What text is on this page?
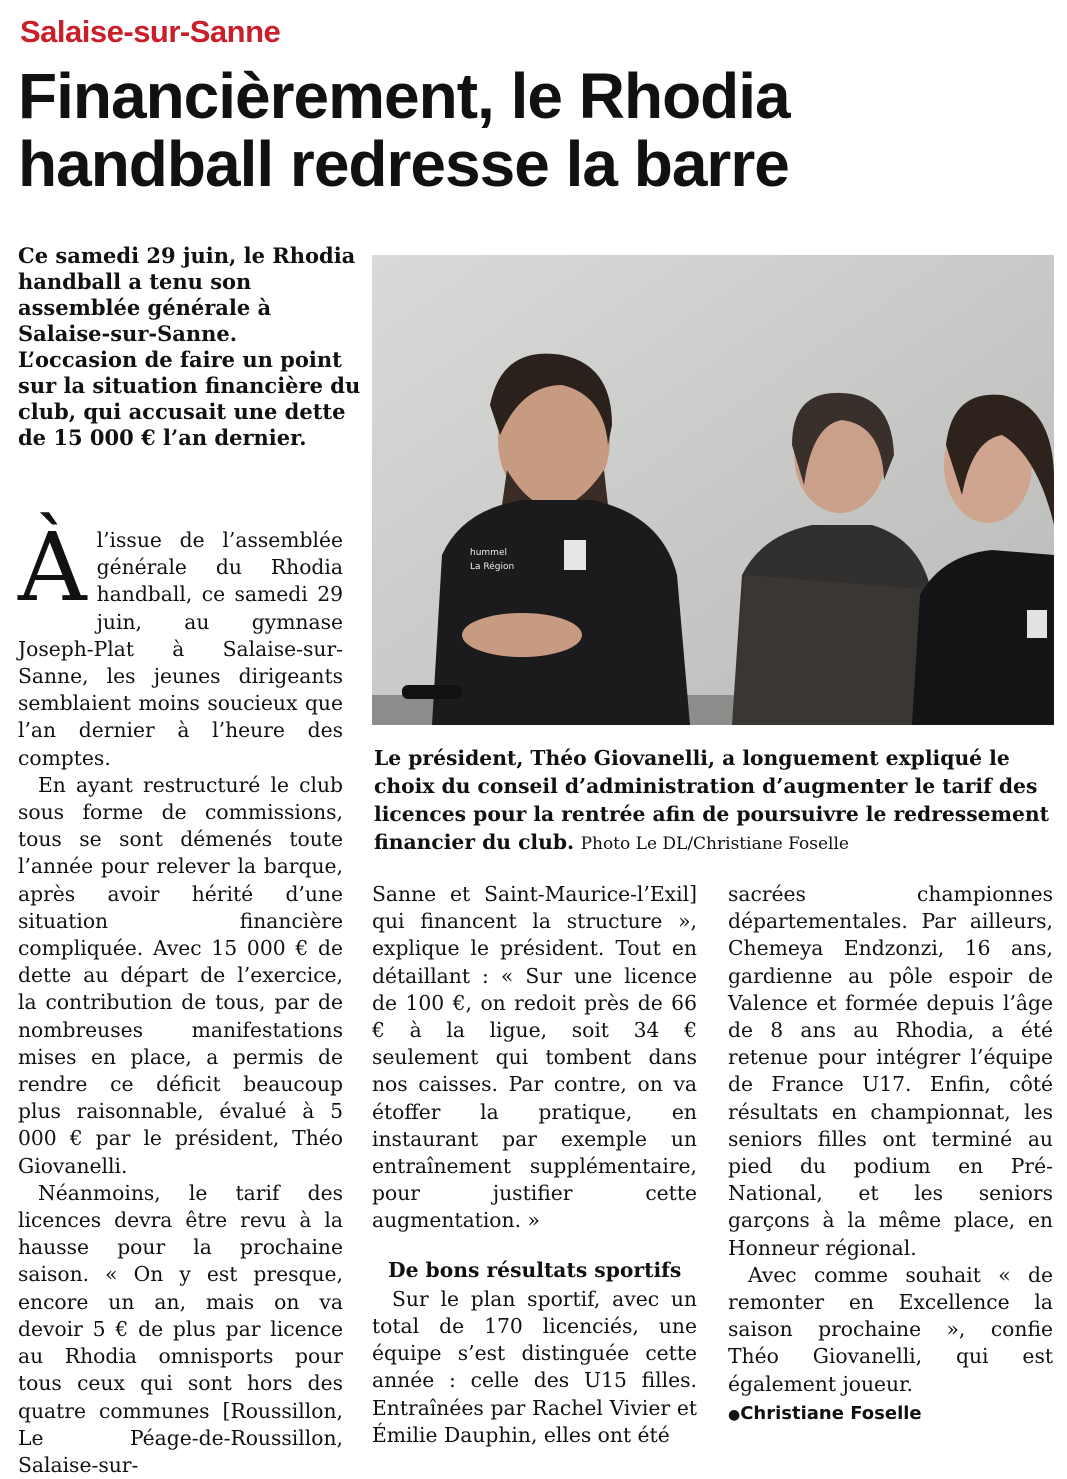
Salaise-sur-Sanne
Financièrement, le Rhodia
handball redresse la barre

Ce samedi 29 juin, le Rhodia handball a tenu son assemblée générale à Salaise-sur-Sanne. L’occasion de faire un point sur la situation financière du club, qui accusait une dette de 15 000 € l’an dernier.

Àl’issue de l’assemblée générale du Rhodia handball, ce samedi 29 juin, au gymnase Joseph-Plat à Salaise-sur-Sanne, les jeunes dirigeants semblaient moins soucieux que l’an dernier à l’heure des comptes.

En ayant restructuré le club sous forme de commissions, tous se sont démenés toute l’année pour relever la barque, après avoir hérité d’une situation financière compliquée. Avec 15 000 € de dette au départ de l’exercice, la contribution de tous, par de nombreuses manifestations mises en place, a permis de rendre ce déficit beaucoup plus raisonnable, évalué à 5 000 € par le président, Théo Giovanelli.

Néanmoins, le tarif des licences devra être revu à la hausse pour la prochaine saison. « On y est presque, encore un an, mais on va devoir 5 € de plus par licence au Rhodia omnisports pour tous ceux qui sont hors des quatre communes [Roussillon, Le Péage-de-Roussillon, Salaise-sur-

hummel
La Région

Le président, Théo Giovanelli, a longuement expliqué le choix du conseil d’administration d’augmenter le tarif des licences pour la rentrée afin de poursuivre le redressement financier du club. Photo Le DL/Christiane Foselle

Sanne et Saint-Maurice-l’Exil] qui financent la structure », explique le président. Tout en détaillant : « Sur une licence de 100 €, on redoit près de 66 € à la ligue, soit 34 € seulement qui tombent dans nos caisses. Par contre, on va étoffer la pratique, en instaurant par exemple un entraînement supplémentaire, pour justifier cette augmentation. »

De bons résultats sportifs

Sur le plan sportif, avec un total de 170 licenciés, une équipe s’est distinguée cette année : celle des U15 filles. Entraînées par Rachel Vivier et Émilie Dauphin, elles ont été

sacrées championnes départementales. Par ailleurs, Chemeya Endzonzi, 16 ans, gardienne au pôle espoir de Valence et formée depuis l’âge de 8 ans au Rhodia, a été retenue pour intégrer l’équipe de France U17. Enfin, côté résultats en championnat, les seniors filles ont terminé au pied du podium en Pré-National, et les seniors garçons à la même place, en Honneur régional.

Avec comme souhait « de remonter en Excellence la saison prochaine », confie Théo Giovanelli, qui est également joueur.

●Christiane Foselle
